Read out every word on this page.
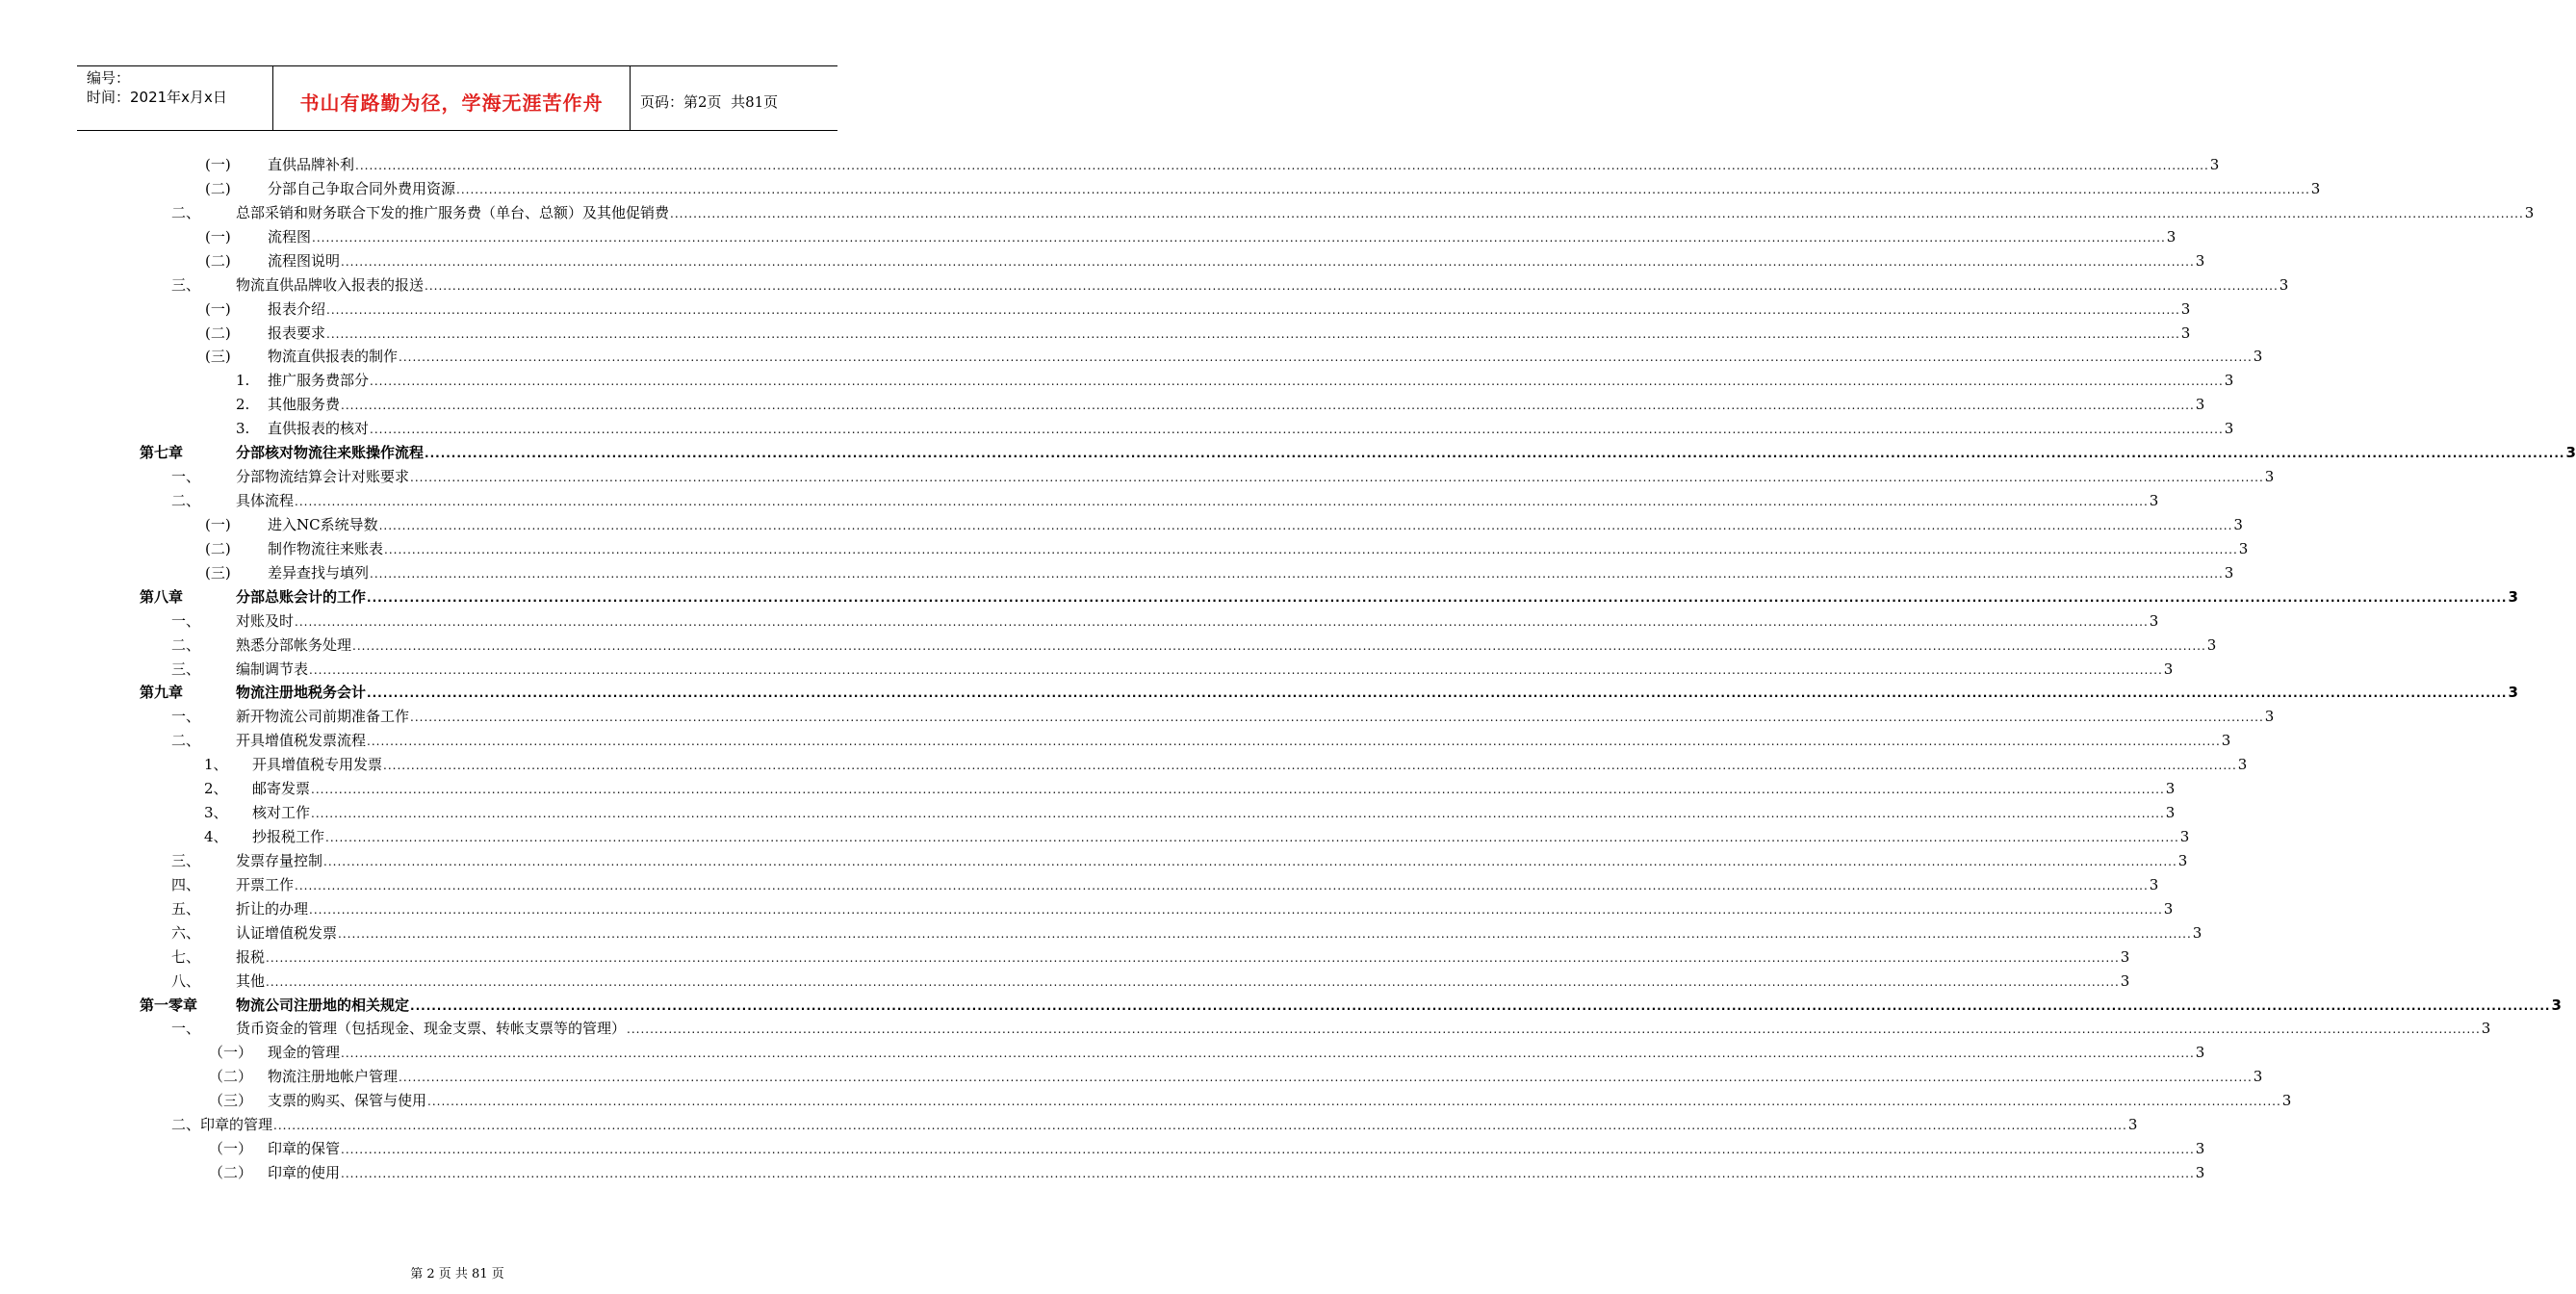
编号：
时间：2021年x月x日	书山有路勤为径，学海无涯苦作舟	页码：第2页  共81页
(一)	直供品牌补利 ................................................................................................................................................................................................................................................................................................................................................................................................................ 3
(二)	分部自己争取合同外费用资源 ................................................................................................................................................................................................................................................................................................................................................................................................................ 3
二、	总部采销和财务联合下发的推广服务费（单台、总额）及其他促销费 ................................................................................................................................................................................................................................................................................................................................................................................................................ 3
(一)	流程图 ................................................................................................................................................................................................................................................................................................................................................................................................................ 3
(二)	流程图说明 ................................................................................................................................................................................................................................................................................................................................................................................................................ 3
三、	物流直供品牌收入报表的报送 ................................................................................................................................................................................................................................................................................................................................................................................................................ 3
(一)	报表介绍 ................................................................................................................................................................................................................................................................................................................................................................................................................ 3
(二)	报表要求 ................................................................................................................................................................................................................................................................................................................................................................................................................ 3
(三)	物流直供报表的制作 ................................................................................................................................................................................................................................................................................................................................................................................................................ 3
1.	推广服务费部分 ................................................................................................................................................................................................................................................................................................................................................................................................................ 3
2.	其他服务费 ................................................................................................................................................................................................................................................................................................................................................................................................................ 3
3.	直供报表的核对 ................................................................................................................................................................................................................................................................................................................................................................................................................ 3
第七章	分部核对物流往来账操作流程 ................................................................................................................................................................................................................................................................................................................................................................................................................ 3
一、	分部物流结算会计对账要求 ................................................................................................................................................................................................................................................................................................................................................................................................................ 3
二、	具体流程 ................................................................................................................................................................................................................................................................................................................................................................................................................ 3
(一)	进入NC系统导数 ................................................................................................................................................................................................................................................................................................................................................................................................................ 3
(二)	制作物流往来账表 ................................................................................................................................................................................................................................................................................................................................................................................................................ 3
(三)	差异查找与填列 ................................................................................................................................................................................................................................................................................................................................................................................................................ 3
第八章	分部总账会计的工作 ................................................................................................................................................................................................................................................................................................................................................................................................................ 3
一、	对账及时 ................................................................................................................................................................................................................................................................................................................................................................................................................ 3
二、	熟悉分部帐务处理 ................................................................................................................................................................................................................................................................................................................................................................................................................ 3
三、	编制调节表 ................................................................................................................................................................................................................................................................................................................................................................................................................ 3
第九章	物流注册地税务会计 ................................................................................................................................................................................................................................................................................................................................................................................................................ 3
一、	新开物流公司前期准备工作 ................................................................................................................................................................................................................................................................................................................................................................................................................ 3
二、	开具增值税发票流程 ................................................................................................................................................................................................................................................................................................................................................................................................................ 3
1、	开具增值税专用发票 ................................................................................................................................................................................................................................................................................................................................................................................................................ 3
2、	邮寄发票 ................................................................................................................................................................................................................................................................................................................................................................................................................ 3
3、	核对工作 ................................................................................................................................................................................................................................................................................................................................................................................................................ 3
4、	抄报税工作 ................................................................................................................................................................................................................................................................................................................................................................................................................ 3
三、	发票存量控制 ................................................................................................................................................................................................................................................................................................................................................................................................................ 3
四、	开票工作 ................................................................................................................................................................................................................................................................................................................................................................................................................ 3
五、	折让的办理 ................................................................................................................................................................................................................................................................................................................................................................................................................ 3
六、	认证增值税发票 ................................................................................................................................................................................................................................................................................................................................................................................................................ 3
七、	报税 ................................................................................................................................................................................................................................................................................................................................................................................................................ 3
八、	其他 ................................................................................................................................................................................................................................................................................................................................................................................................................ 3
第一零章	物流公司注册地的相关规定 ................................................................................................................................................................................................................................................................................................................................................................................................................ 3
一、	货币资金的管理（包括现金、现金支票、转帐支票等的管理） ................................................................................................................................................................................................................................................................................................................................................................................................................ 3
（一）	现金的管理 ................................................................................................................................................................................................................................................................................................................................................................................................................ 3
（二）	物流注册地帐户管理 ................................................................................................................................................................................................................................................................................................................................................................................................................ 3
（三）	支票的购买、保管与使用 ................................................................................................................................................................................................................................................................................................................................................................................................................ 3
二、 印章的管理 ................................................................................................................................................................................................................................................................................................................................................................................................................ 3
（一）	印章的保管 ................................................................................................................................................................................................................................................................................................................................................................................................................ 3
（二）	印章的使用 ................................................................................................................................................................................................................................................................................................................................................................................................................ 3
第 2 页 共 81 页
